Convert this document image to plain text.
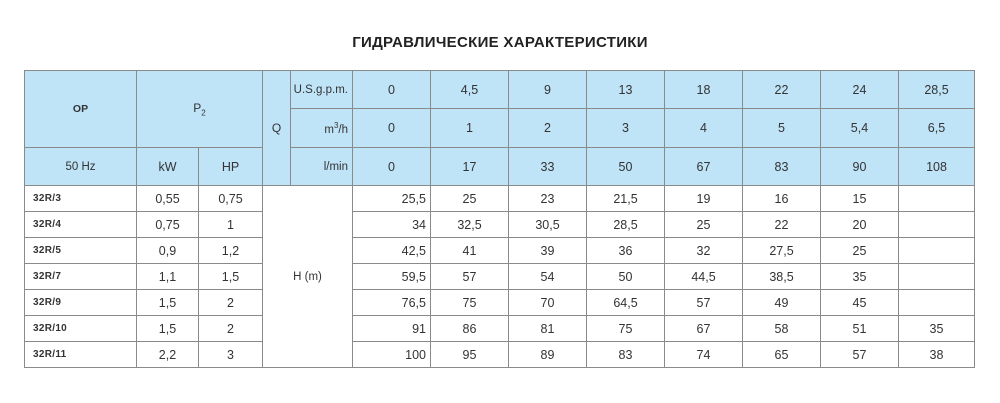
ГИДРАВЛИЧЕСКИЕ ХАРАКТЕРИСТИКИ
OP	$P_2$		Q	U.S.g.p.m.	0	4,5	9	13	18	22	24	28,5
				$m^3/h$	0	1	2	3	4	5	5,4	6,5
50 Hz	kW	HP		l/min	0	17	33	50	67	83	90	108
32R/3	0,55	0,75	H (m)		25,5	25	23	21,5	19	16	15	
32R/4	0,75	1			34	32,5	30,5	28,5	25	22	20	
32R/5	0,9	1,2			42,5	41	39	36	32	27,5	25	
32R/7	1,1	1,5			59,5	57	54	50	44,5	38,5	35	
32R/9	1,5	2			76,5	75	70	64,5	57	49	45	
32R/10	1,5	2			91	86	81	75	67	58	51	35
32R/11	2,2	3			100	95	89	83	74	65	57	38
